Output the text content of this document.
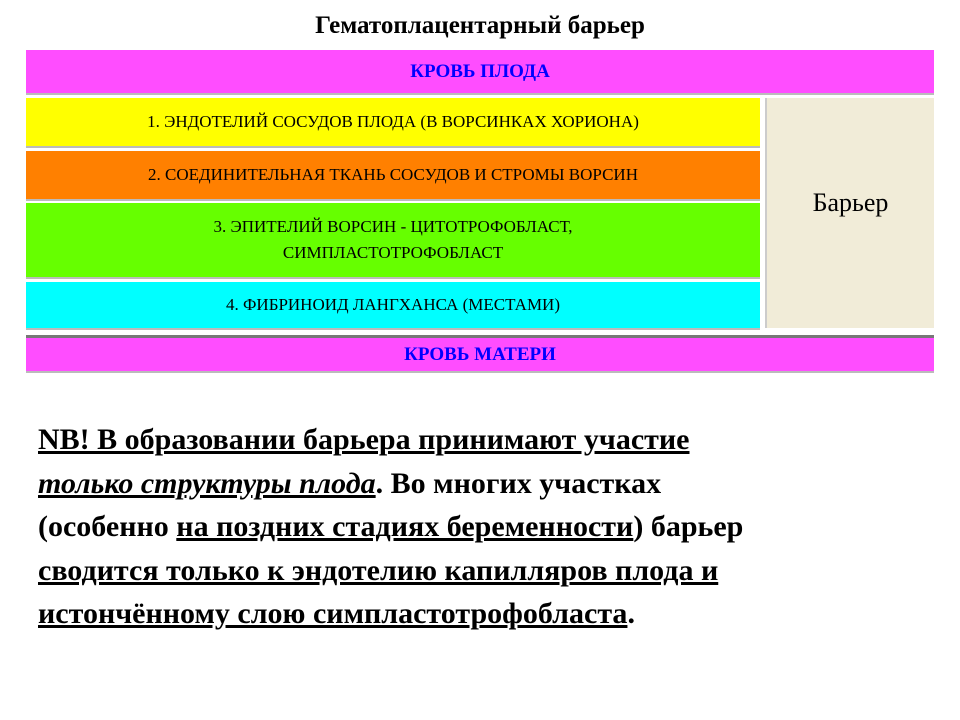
Гематоплацентарный барьер
КРОВЬ ПЛОДА
1. ЭНДОТЕЛИЙ СОСУДОВ ПЛОДА (В ВОРСИНКАХ ХОРИОНА)
2. СОЕДИНИТЕЛЬНАЯ ТКАНЬ СОСУДОВ И СТРОМЫ ВОРСИН
3. ЭПИТЕЛИЙ ВОРСИН - ЦИТОТРОФОБЛАСТ,
СИМПЛАСТОТРОФОБЛАСТ
4. ФИБРИНОИД ЛАНГХАНСА (МЕСТАМИ)
Барьер
КРОВЬ МАТЕРИ
NB! В образовании барьера принимают участие
только структуры плода. Во многих участках
(особенно на поздних стадиях беременности) барьер
сводится только к эндотелию капилляров плода и
истончённому слою симпластотрофобласта.
